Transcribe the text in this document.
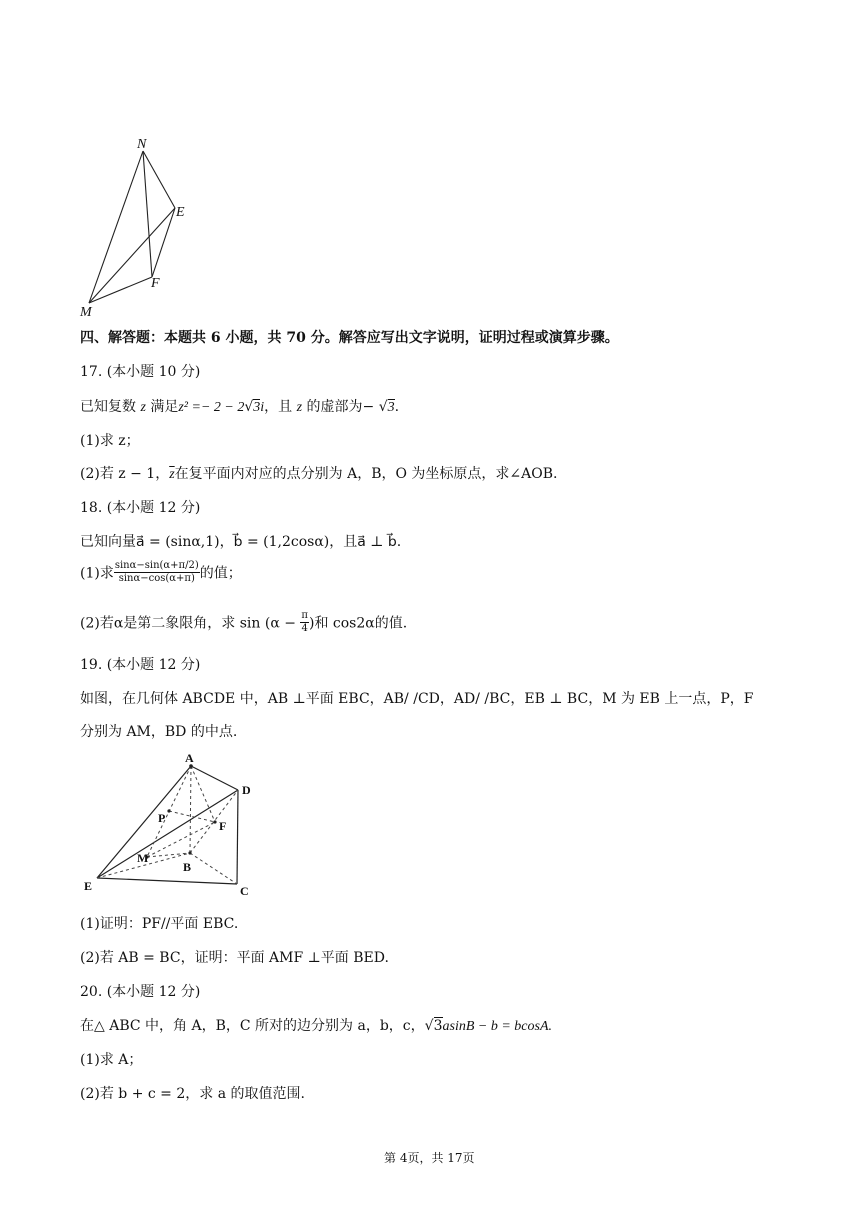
N
E
F
M
四、解答题：本题共 6 小题，共 70 分。解答应写出文字说明，证明过程或演算步骤。
17. (本小题 10 分)
已知复数 z 满足z² =− 2 − 2√3i，且 z 的虚部为− √3.
(1)求 z；
(2)若 z − 1，$\overline{z}$在复平面内对应的点分别为 A，B，O 为坐标原点，求∠AOB.
18. (本小题 12 分)
已知向量a⃗ = (sinα,1)，b⃗ = (1,2cosα)，且a⃗ ⊥ b⃗.
(1)求 $\frac{\sin\alpha-\sin(\alpha+\pi/2)}{\sin\alpha-\cos(\alpha+\pi)}$ 的值；
(2)若α是第二象限角，求 $\sin (\alpha - \frac{\pi}{4}$ )和 cos2α的值.
19. (本小题 12 分)
如图，在几何体 ABCDE 中，AB ⊥平面 EBC，AB/ /CD，AD/ /BC，EB ⊥ BC，M 为 EB 上一点，P，F
分别为 AM，BD 的中点.
A
D
P
F
M
B
E	C
(1)证明：PF//平面 EBC.
(2)若 AB = BC，证明：平面 AMF ⊥平面 BED.
20. (本小题 12 分)
在△ ABC 中，角 A，B，C 所对的边分别为 a，b，c，√3asinB − b = bcosA.
(1)求 A；
(2)若 b + c = 2，求 a 的取值范围.
第 4页，共 17页
